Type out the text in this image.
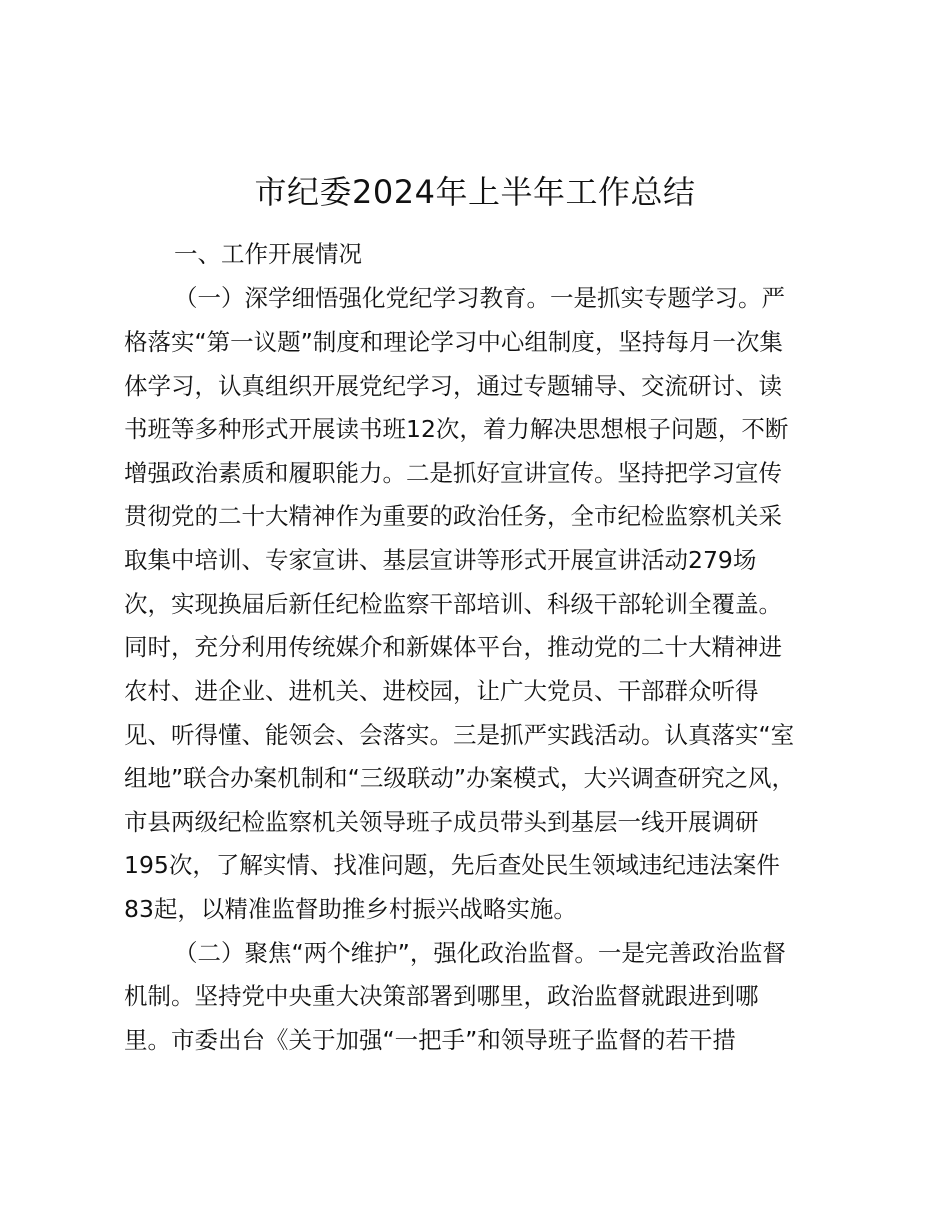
市纪委2024年上半年工作总结
一、工作开展情况
（一）深学细悟强化党纪学习教育。一是抓实专题学习。严
格落实“第一议题”制度和理论学习中心组制度，坚持每月一次集
体学习，认真组织开展党纪学习，通过专题辅导、交流研讨、读
书班等多种形式开展读书班12次，着力解决思想根子问题，不断
增强政治素质和履职能力。二是抓好宣讲宣传。坚持把学习宣传
贯彻党的二十大精神作为重要的政治任务，全市纪检监察机关采
取集中培训、专家宣讲、基层宣讲等形式开展宣讲活动279场
次，实现换届后新任纪检监察干部培训、科级干部轮训全覆盖。
同时，充分利用传统媒介和新媒体平台，推动党的二十大精神进
农村、进企业、进机关、进校园，让广大党员、干部群众听得
见、听得懂、能领会、会落实。三是抓严实践活动。认真落实“室
组地”联合办案机制和“三级联动”办案模式，大兴调查研究之风，
市县两级纪检监察机关领导班子成员带头到基层一线开展调研
195次，了解实情、找准问题，先后查处民生领域违纪违法案件
83起，以精准监督助推乡村振兴战略实施。
（二）聚焦“两个维护”，强化政治监督。一是完善政治监督
机制。坚持党中央重大决策部署到哪里，政治监督就跟进到哪
里。市委出台《关于加强“一把手”和领导班子监督的若干措
